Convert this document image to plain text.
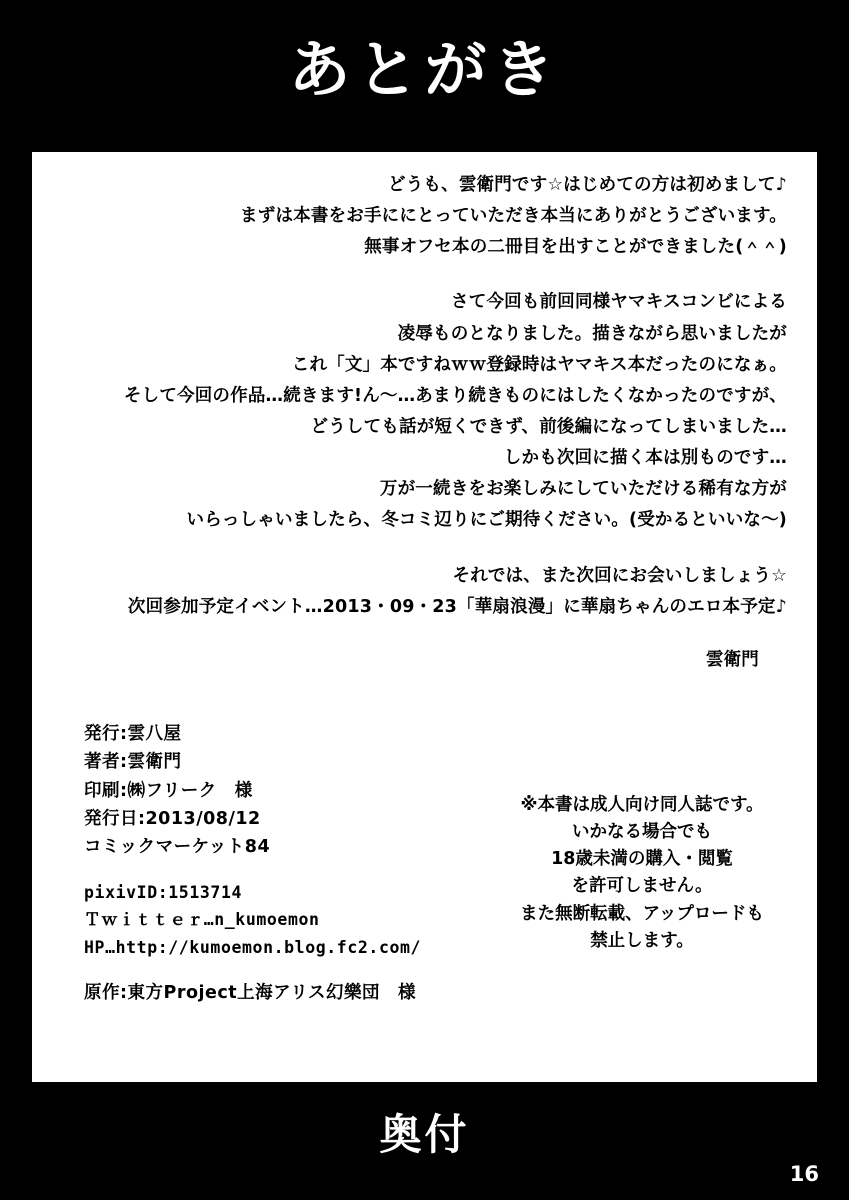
あとがき

どうも、雲衛門です☆はじめての方は初めまして♪

まずは本書をお手ににとっていただき本当にありがとうございます。

無事オフセ本の二冊目を出すことができました(＾＾)

さて今回も前回同様ヤマキスコンビによる

凌辱ものとなりました。描きながら思いましたが

これ「文」本ですねｗｗ登録時はヤマキス本だったのになぁ。

そして今回の作品…続きます!ん～…あまり続きものにはしたくなかったのですが、

どうしても話が短くできず、前後編になってしまいました…

しかも次回に描く本は別ものです…

万が一続きをお楽しみにしていただける稀有な方が

いらっしゃいましたら、冬コミ辺りにご期待ください。(受かるといいな～)

それでは、また次回にお会いしましょう☆

次回参加予定イベント…2013・09・23「華扇浪漫」に華扇ちゃんのエロ本予定♪

雲衛門
発行:雲八屋
著者:雲衛門
印刷:㈱フリーク　様
発行日:2013/08/12
コミックマーケット84
pixivID:1513714
Ｔｗｉｔｔｅｒ…n_kumoemon
HP…http://kumoemon.blog.fc2.com/
原作:東方Project上海アリス幻樂団　様
※本書は成人向け同人誌です。
いかなる場合でも
18歳未満の購入・閲覧
を許可しません。
また無断転載、アップロードも
禁止します。
奥付
16
